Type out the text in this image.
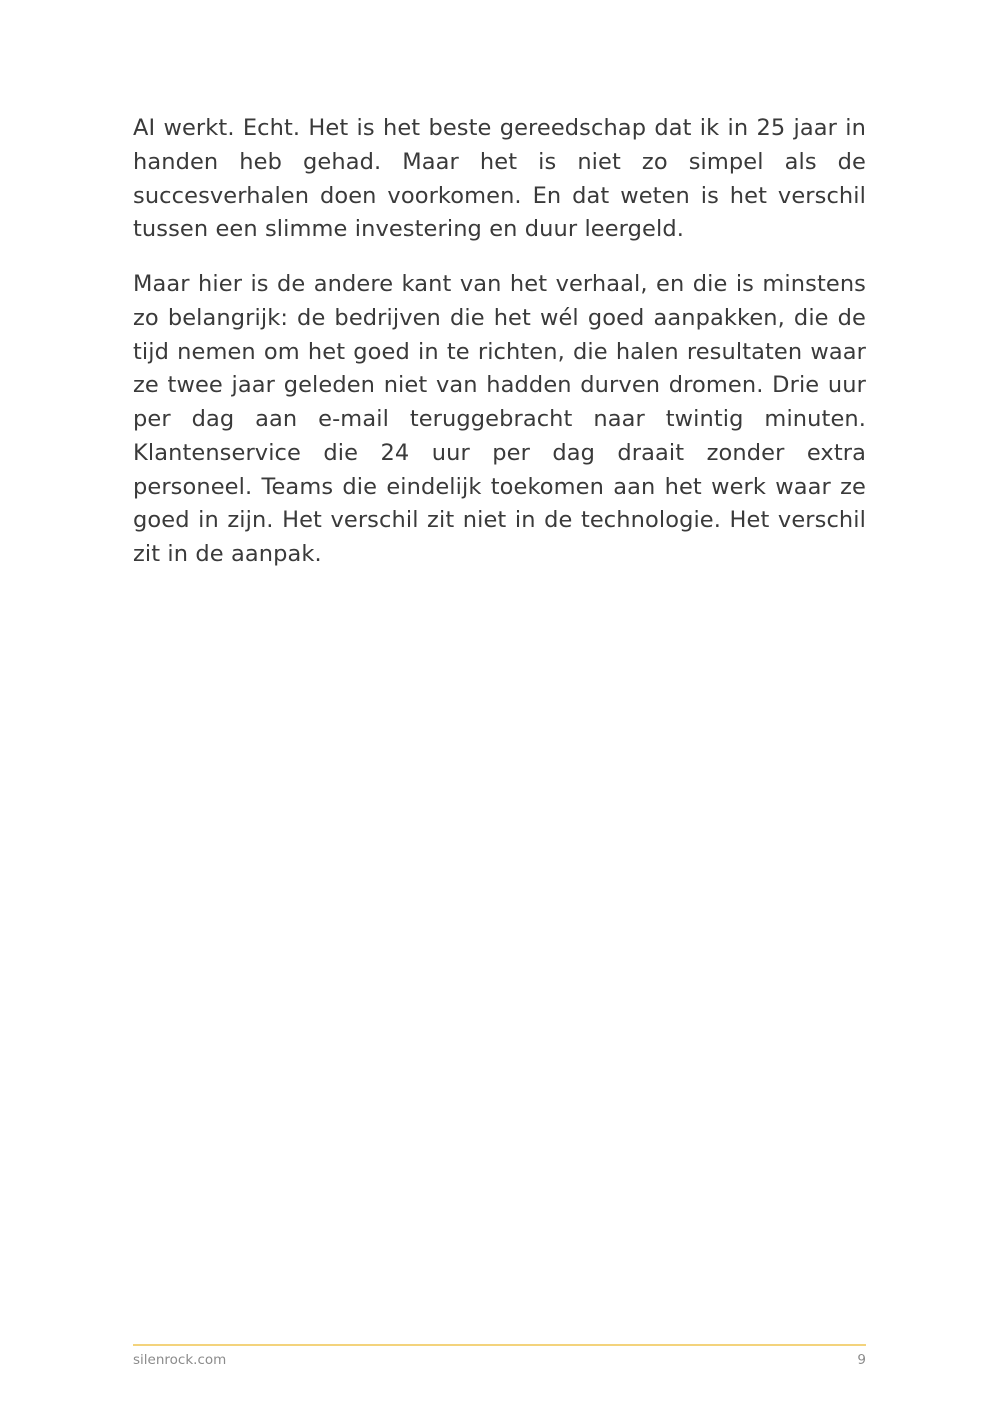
AI werkt. Echt. Het is het beste gereedschap dat ik in 25 jaar in handen heb gehad. Maar het is niet zo simpel als de succesverhalen doen voorkomen. En dat weten is het verschil tussen een slimme investering en duur leergeld.

Maar hier is de andere kant van het verhaal, en die is minstens zo belangrijk: de bedrijven die het wél goed aanpakken, die de tijd nemen om het goed in te richten, die halen resultaten waar ze twee jaar geleden niet van hadden durven dromen. Drie uur per dag aan e-mail teruggebracht naar twintig minuten. Klantenservice die 24 uur per dag draait zonder extra personeel. Teams die eindelijk toekomen aan het werk waar ze goed in zijn. Het verschil zit niet in de technologie. Het verschil zit in de aanpak.

silenrock.com	9
